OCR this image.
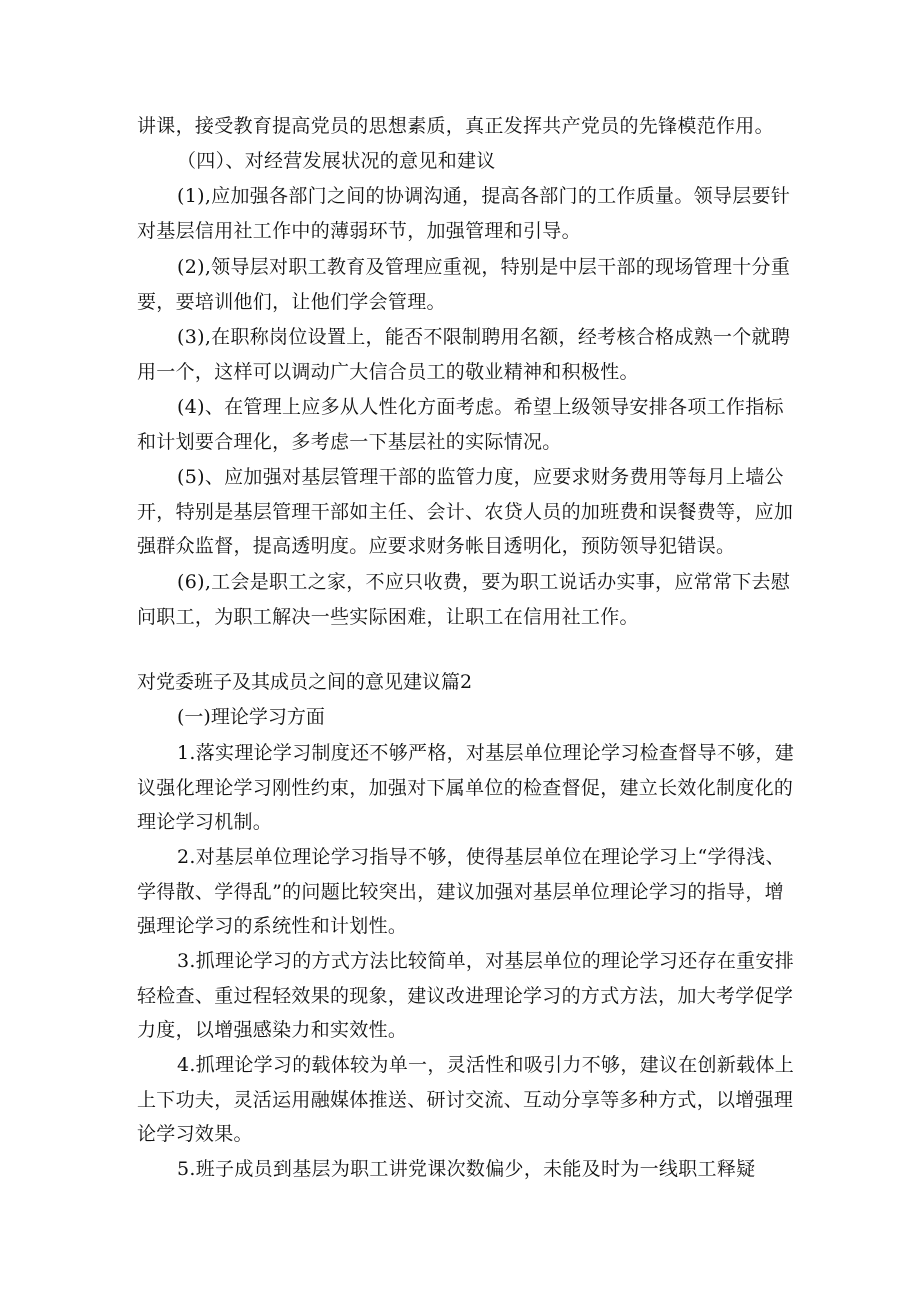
讲课，接受教育提高党员的思想素质，真正发挥共产党员的先锋模范作用。

（四）、对经营发展状况的意见和建议

(1),应加强各部门之间的协调沟通，提高各部门的工作质量。领导层要针对基层信用社工作中的薄弱环节，加强管理和引导。

(2),领导层对职工教育及管理应重视，特别是中层干部的现场管理十分重要，要培训他们，让他们学会管理。

(3),在职称岗位设置上，能否不限制聘用名额，经考核合格成熟一个就聘用一个，这样可以调动广大信合员工的敬业精神和积极性。

(4)、在管理上应多从人性化方面考虑。希望上级领导安排各项工作指标和计划要合理化，多考虑一下基层社的实际情况。

(5)、应加强对基层管理干部的监管力度，应要求财务费用等每月上墙公开，特别是基层管理干部如主任、会计、农贷人员的加班费和误餐费等，应加强群众监督，提高透明度。应要求财务帐目透明化，预防领导犯错误。

(6),工会是职工之家，不应只收费，要为职工说话办实事，应常常下去慰问职工，为职工解决一些实际困难，让职工在信用社工作。

对党委班子及其成员之间的意见建议篇2

(一)理论学习方面

1.落实理论学习制度还不够严格，对基层单位理论学习检查督导不够，建议强化理论学习刚性约束，加强对下属单位的检查督促，建立长效化制度化的理论学习机制。

2.对基层单位理论学习指导不够，使得基层单位在理论学习上“学得浅、学得散、学得乱”的问题比较突出，建议加强对基层单位理论学习的指导，增强理论学习的系统性和计划性。

3.抓理论学习的方式方法比较简单，对基层单位的理论学习还存在重安排轻检查、重过程轻效果的现象，建议改进理论学习的方式方法，加大考学促学力度，以增强感染力和实效性。

4.抓理论学习的载体较为单一，灵活性和吸引力不够，建议在创新载体上上下功夫，灵活运用融媒体推送、研讨交流、互动分享等多种方式，以增强理论学习效果。

5.班子成员到基层为职工讲党课次数偏少，未能及时为一线职工释疑
